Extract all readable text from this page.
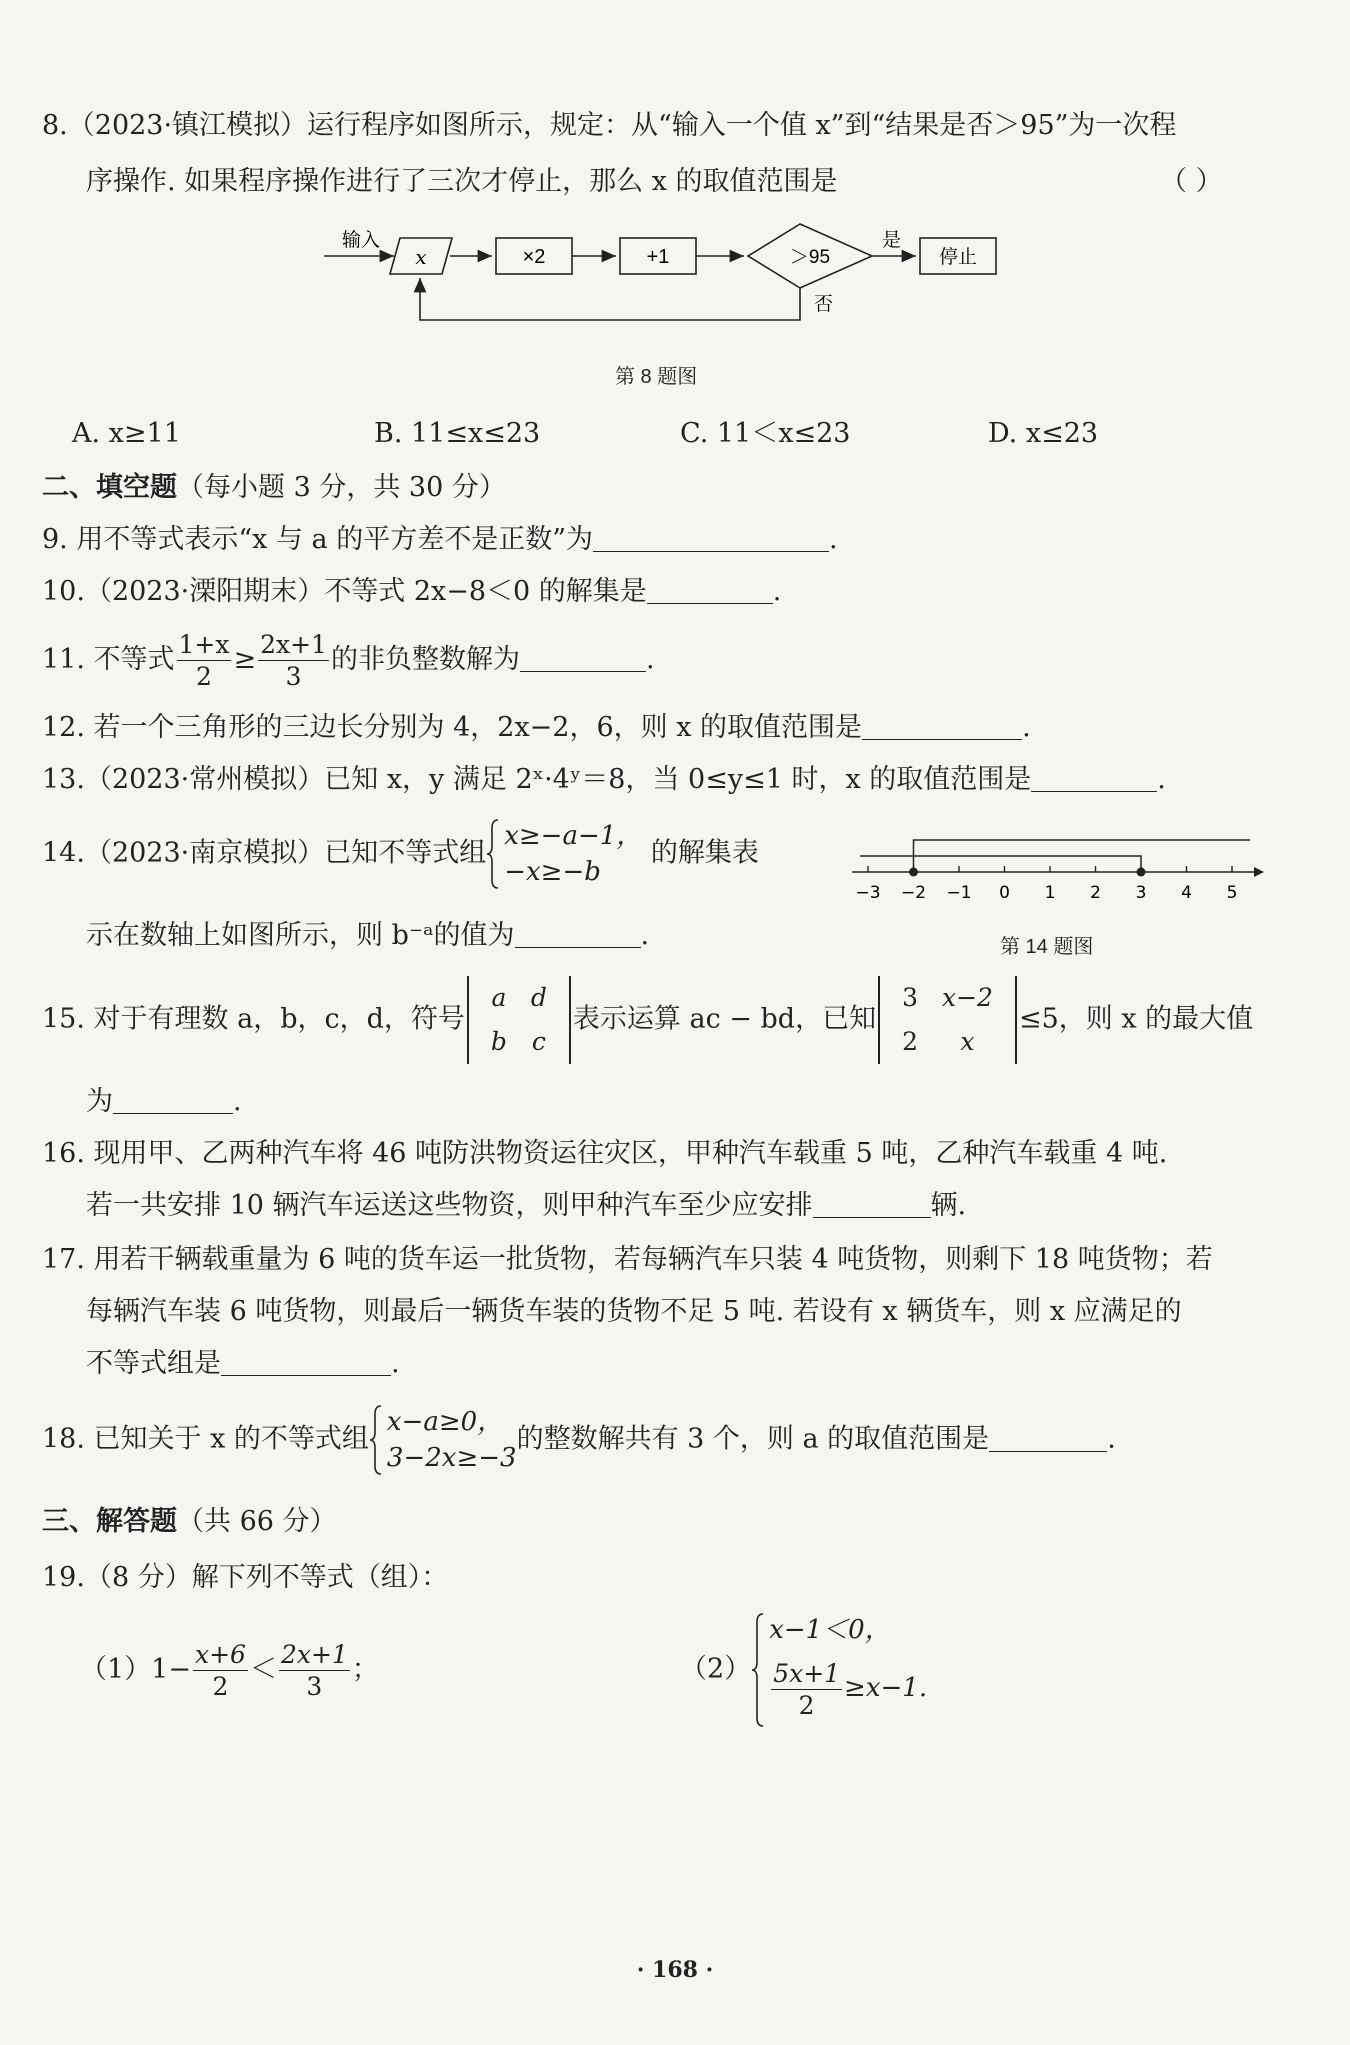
8.（2023·镇江模拟）运行程序如图所示，规定：从“输入一个值 x”到“结果是否＞95”为一次程
序操作. 如果程序操作进行了三次才停止，那么 x 的取值范围是	（ ）
输入
x	×2	+1	＞95
是
否
停止
第 8 题图
A. x≥11	B. 11≤x≤23	C. 11＜x≤23	D. x≤23
二、填空题（每小题 3 分，共 30 分）
9. 用不等式表示“x 与 a 的平方差不是正数”为	.
10.（2023·溧阳期末）不等式 2x−8＜0 的解集是	.
11. 不等式 $\frac{1+x}{2} \ge \frac{2x+1}{3}$ 的非负整数解为	.
12. 若一个三角形的三边长分别为 4，2x−2，6，则 x 的取值范围是	.
13.（2023·常州模拟）已知 x，y 满足 2ˣ·4ʸ＝8，当 0≤y≤1 时，x 的取值范围是	.
14.（2023·南京模拟）已知不等式组
x≥−a−1，
−x≥−b
的解集表
−3 −2 −1 0 1 2 3 4 5
示在数轴上如图所示，则 b⁻ᵃ的值为	.	第 14 题图
15. 对于有理数 a，b，c，d，符号
a	d
b	c
表示运算 ac − bd，已知
3	x−2
2	x
≤5，则 x 的最大值
为	.
16. 现用甲、乙两种汽车将 46 吨防洪物资运往灾区，甲种汽车载重 5 吨，乙种汽车载重 4 吨.
若一共安排 10 辆汽车运送这些物资，则甲种汽车至少应安排	辆.
17. 用若干辆载重量为 6 吨的货车运一批货物，若每辆汽车只装 4 吨货物，则剩下 18 吨货物；若
每辆汽车装 6 吨货物，则最后一辆货车装的货物不足 5 吨. 若设有 x 辆货车，则 x 应满足的
不等式组是	.
18. 已知关于 x 的不等式组
x−a≥0，
3−2x≥−3
的整数解共有 3 个，则 a 的取值范围是	.
三、解答题（共 66 分）
19.（8 分）解下列不等式（组）：
$(1)1- \frac{x+6}{2} < \frac{2x+1}{3}$ ；	（2）
x−1＜0，
$\frac{5x+1}{2} \ge x-1$.
· 168 ·
